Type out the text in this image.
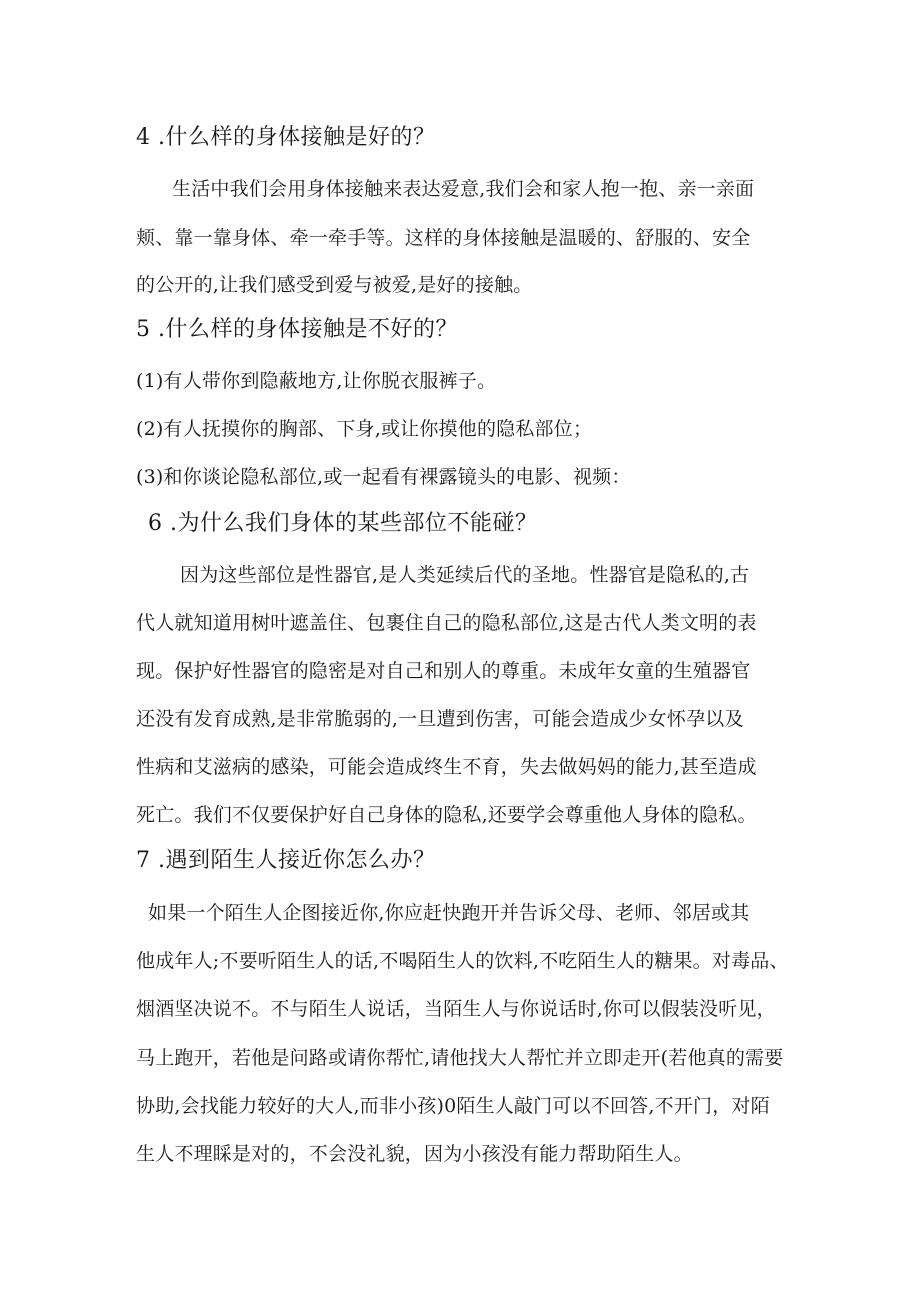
4 .什么样的身体接触是好的？
生活中我们会用身体接触来表达爱意,我们会和家人抱一抱、亲一亲面
颊、靠一靠身体、牵一牵手等。这样的身体接触是温暖的、舒服的、安全
的公开的,让我们感受到爱与被爱,是好的接触。
5 .什么样的身体接触是不好的？
(1)有人带你到隐蔽地方,让你脱衣服裤子。
(2)有人抚摸你的胸部、下身,或让你摸他的隐私部位；
(3)和你谈论隐私部位,或一起看有裸露镜头的电影、视频：
6 .为什么我们身体的某些部位不能碰？
因为这些部位是性器官,是人类延续后代的圣地。性器官是隐私的,古
代人就知道用树叶遮盖住、包裹住自己的隐私部位,这是古代人类文明的表
现。保护好性器官的隐密是对自己和别人的尊重。未成年女童的生殖器官
还没有发育成熟,是非常脆弱的,一旦遭到伤害，可能会造成少女怀孕以及
性病和艾滋病的感染，可能会造成终生不育，失去做妈妈的能力,甚至造成
死亡。我们不仅要保护好自己身体的隐私,还要学会尊重他人身体的隐私。
7 .遇到陌生人接近你怎么办？
如果一个陌生人企图接近你,你应赶快跑开并告诉父母、老师、邻居或其
他成年人;不要听陌生人的话,不喝陌生人的饮料,不吃陌生人的糖果。对毒品、
烟酒坚决说不。不与陌生人说话，当陌生人与你说话时,你可以假装没听见，
马上跑开，若他是问路或请你帮忙,请他找大人帮忙并立即走开(若他真的需要
协助,会找能力较好的大人,而非小孩)0陌生人敲门可以不回答,不开门，对陌
生人不理睬是对的，不会没礼貌，因为小孩没有能力帮助陌生人。
